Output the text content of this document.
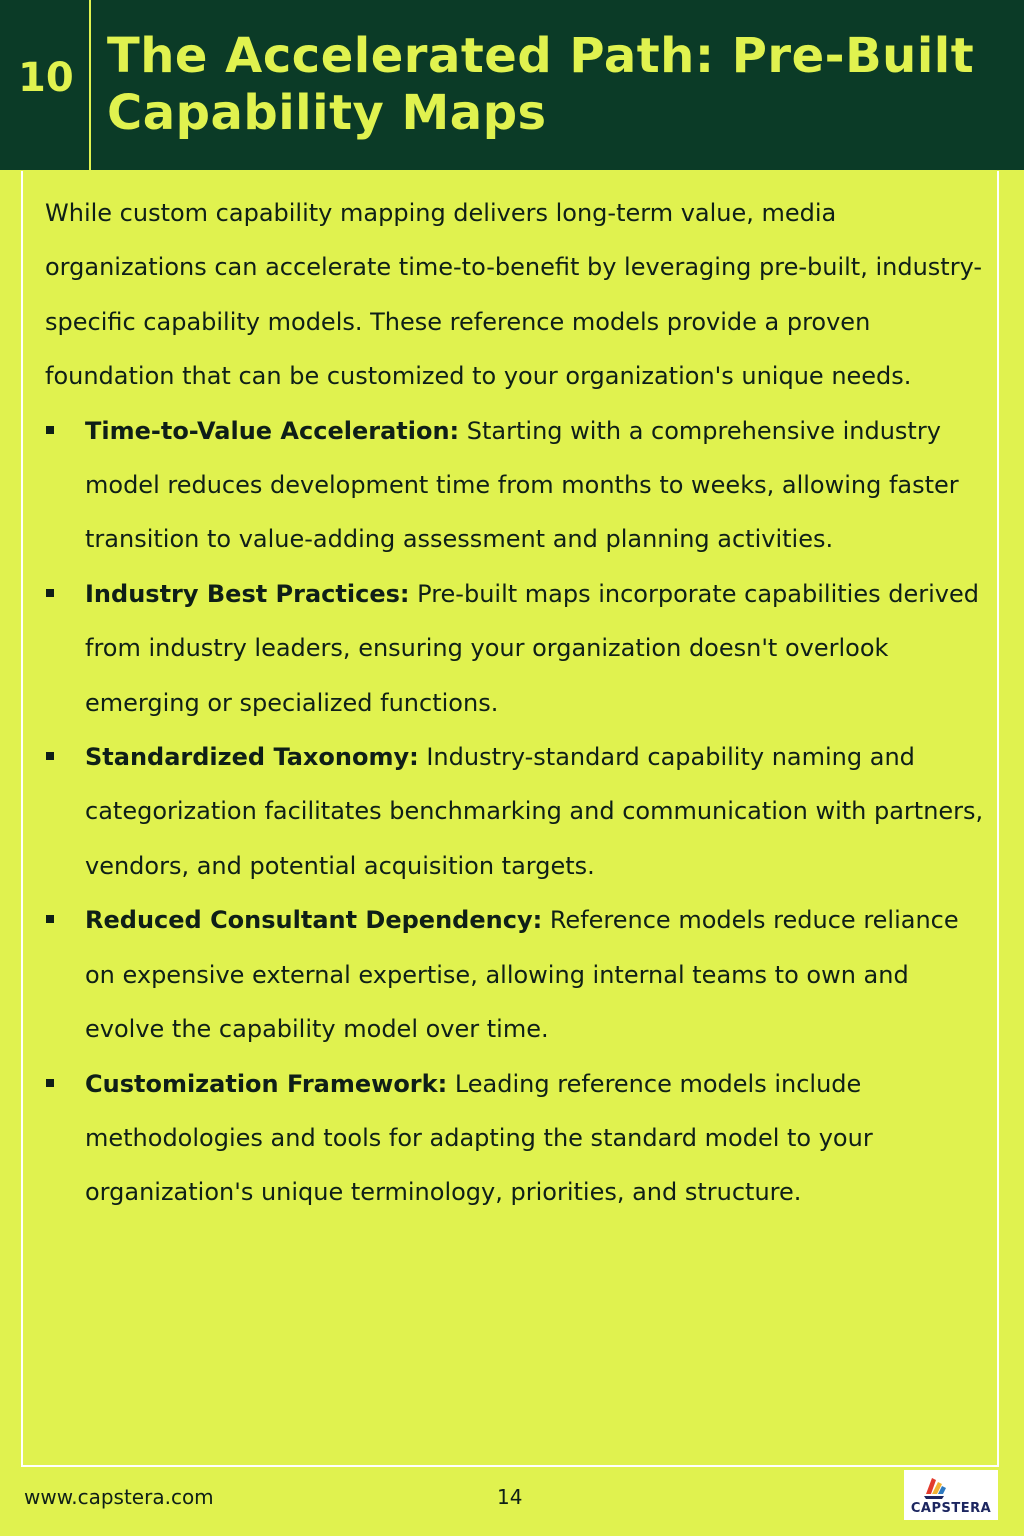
10 The Accelerated Path: Pre-Built Capability Maps

While custom capability mapping delivers long-term value, media organizations can accelerate time-to-benefit by leveraging pre-built, industry-specific capability models. These reference models provide a proven foundation that can be customized to your organization's unique needs.

Time-to-Value Acceleration: Starting with a comprehensive industry model reduces development time from months to weeks, allowing faster transition to value-adding assessment and planning activities.
Industry Best Practices: Pre-built maps incorporate capabilities derived from industry leaders, ensuring your organization doesn't overlook emerging or specialized functions.
Standardized Taxonomy: Industry-standard capability naming and categorization facilitates benchmarking and communication with partners, vendors, and potential acquisition targets.
Reduced Consultant Dependency: Reference models reduce reliance on expensive external expertise, allowing internal teams to own and evolve the capability model over time.
Customization Framework: Leading reference models include methodologies and tools for adapting the standard model to your organization's unique terminology, priorities, and structure.
www.capstera.com	14	CAPSTERA
